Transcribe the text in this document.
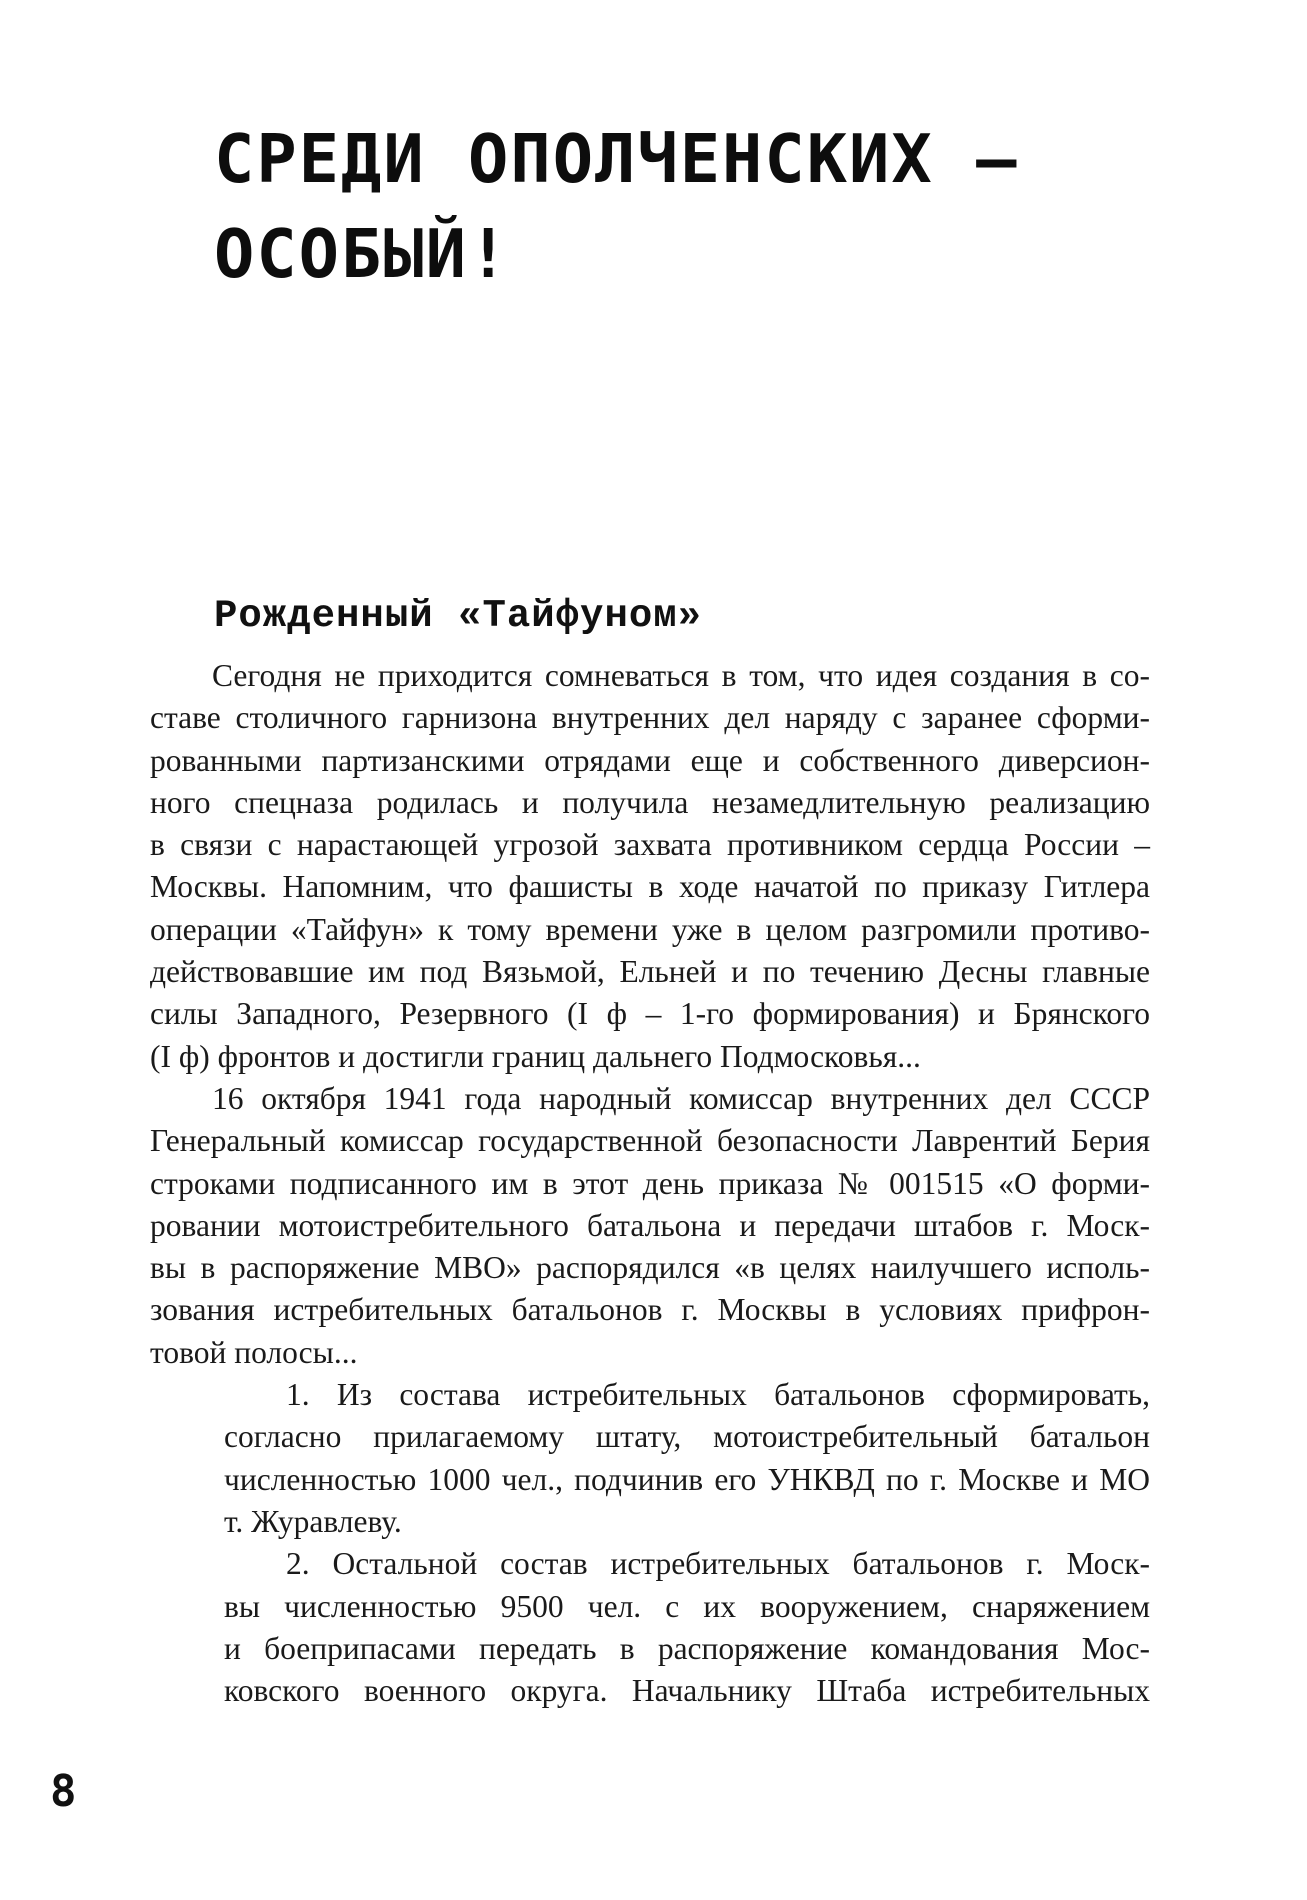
СРЕДИ ОПОЛЧЕНСКИХ –
ОСОБЫЙ!
Рожденный «Тайфуном»
Сегодня не приходится сомневаться в том, что идея создания в со-
ставе столичного гарнизона внутренних дел наряду с заранее сформи-
рованными партизанскими отрядами еще и собственного диверсион-
ного спецназа родилась и получила незамедлительную реализацию
в связи с нарастающей угрозой захвата противником сердца России –
Москвы. Напомним, что фашисты в ходе начатой по приказу Гитлера
операции «Тайфун» к тому времени уже в целом разгромили противо-
действовавшие им под Вязьмой, Ельней и по течению Десны главные
силы Западного, Резервного (I ф – 1-го формирования) и Брянского
(I ф) фронтов и достигли границ дальнего Подмосковья...
16 октября 1941 года народный комиссар внутренних дел СССР
Генеральный комиссар государственной безопасности Лаврентий Берия
строками подписанного им в этот день приказа № 001515 «О форми-
ровании мотоистребительного батальона и передачи штабов г. Моск-
вы в распоряжение МВО» распорядился «в целях наилучшего исполь-
зования истребительных батальонов г. Москвы в условиях прифрон-
товой полосы...
1. Из состава истребительных батальонов сформировать,
согласно прилагаемому штату, мотоистребительный батальон
численностью 1000 чел., подчинив его УНКВД по г. Москве и МО
т. Журавлеву.
2. Остальной состав истребительных батальонов г. Моск-
вы численностью 9500 чел. с их вооружением, снаряжением
и боеприпасами передать в распоряжение командования Мос-
ковского военного округа. Начальнику Штаба истребительных
8
